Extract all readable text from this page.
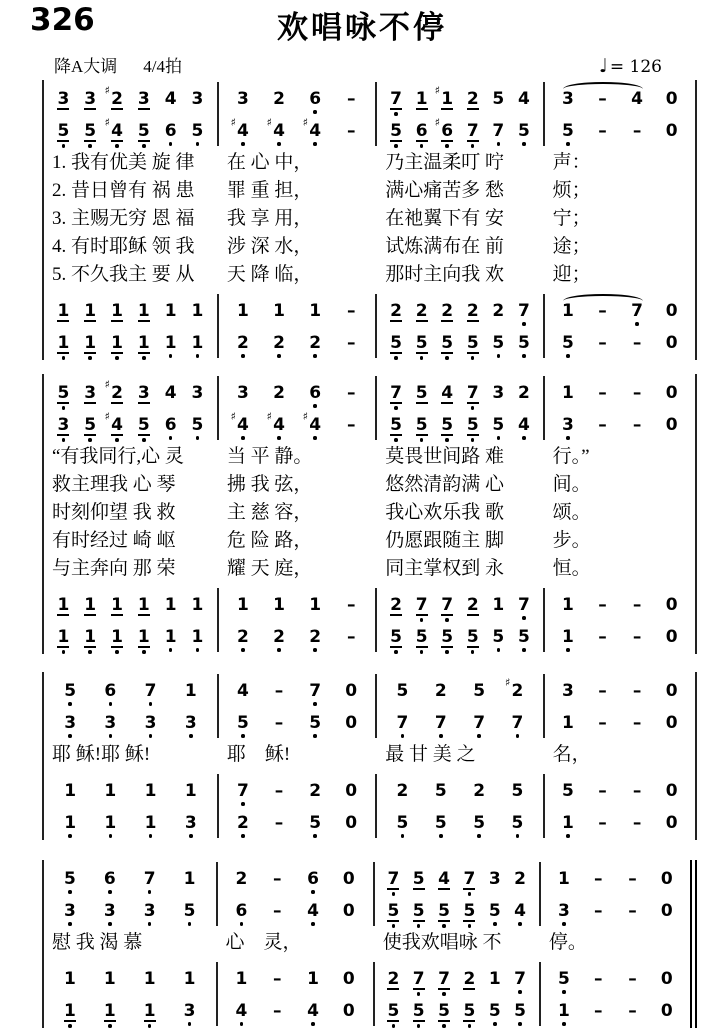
326	欢唱咏不停
降A大调 4/4拍	♩ = 126
3 3 ♯ 2 3 4 3 3 2 6 – 7 1 ♯ 1 2 5 4 3 – 4 0
5 5 ♯ 4 5 6 5 ♯ 4 ♯ 4 ♯ 4 – 5 6 ♯ 6 7 7 5 5 – – 0
1. 我有优美 旋 律	在 心 中，	乃主温柔叮 咛	声：
2. 昔日曾有 祸 患	罪 重 担，	满心痛苦多 愁	烦；
3. 主赐无穷 恩 福	我 享 用，	在祂翼下有 安	宁；
4. 有时耶稣 领 我	涉 深 水，	试炼满布在 前	途；
5. 不久我主 要 从	天 降 临，	那时主向我 欢	迎；
1 1 1 1 1 1 1 1 1 – 2 2 2 2 2 7 1 – 7 0
1 1 1 1 1 1 2 2 2 – 5 5 5 5 5 5 5 – – 0
5 3 ♯ 2 3 4 3 3 2 6 – 7 5 4 7 3 2 1 – – 0
3 5 ♯ 4 5 6 5 ♯ 4 ♯ 4 ♯ 4 – 5 5 5 5 5 4 3 – – 0
“有我同行,心 灵	当 平 静。	莫畏世间路 难	行。”
救主理我 心 琴	拂 我 弦，	悠然清韵满 心	间。
时刻仰望 我 救	主 慈 容，	我心欢乐我 歌	颂。
有时经过 崎 岖	危 险 路，	仍愿跟随主 脚	步。
与主奔向 那 荣	耀 天 庭，	同主掌权到 永	恒。
1 1 1 1 1 1 1 1 1 – 2 7 7 2 1 7 1 – – 0
1 1 1 1 1 1 2 2 2 – 5 5 5 5 5 5 1 – – 0
5 6 7 1 4 – 7 0 5 2 5 ♯ 2 3 – – 0
3 3 3 3 5 – 5 0 7 7 7 7 1 – – 0
耶 稣!耶 稣!	耶　稣!	最 甘 美 之	名，
1 1 1 1 7 – 2 0 2 5 2 5 5 – – 0
1 1 1 3 2 – 5 0 5 5 5 5 1 – – 0
5 6 7 1 2 – 6 0 7 5 4 7 3 2 1 – – 0
3 3 3 5 6 – 4 0 5 5 5 5 5 4 3 – – 0
慰 我 渴 慕	心　灵，	使我欢唱咏 不	停。
1 1 1 1 1 – 1 0 2 7 7 2 1 7 5 – – 0
1 1 1 3 4 – 4 0 5 5 5 5 5 5 1 – – 0
